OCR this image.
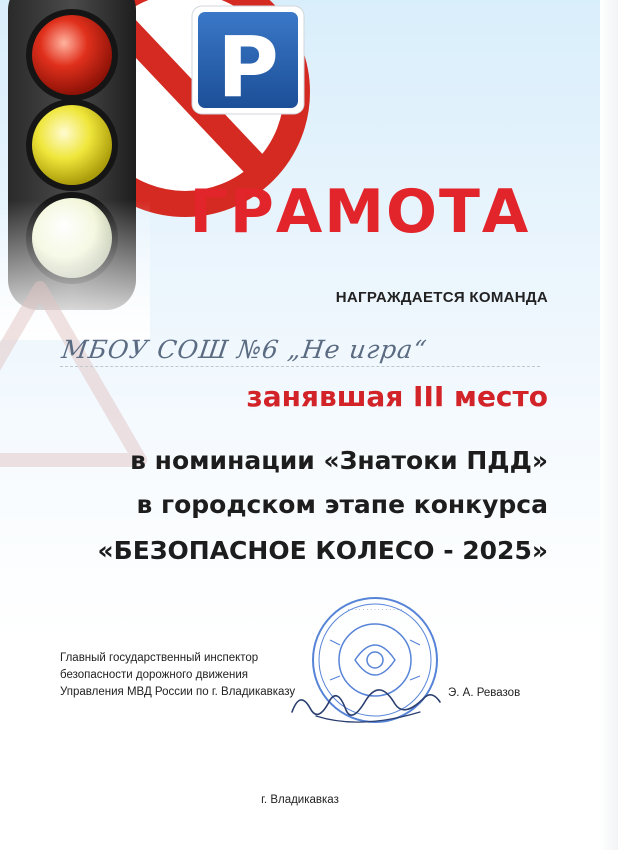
P
· · · · · · · · · · · · · · ·
ГРАМОТА
НАГРАЖДАЕТСЯ КОМАНДА
МБОУ СОШ №6 „Не игра“
занявшая III место
в номинации «Знатоки ПДД»
в городском этапе конкурса
«БЕЗОПАСНОЕ КОЛЕСО - 2025»
Главный государственный инспектор
безопасности дорожного движения
Управления МВД России по г. Владикавказу	Э. А. Ревазов
г. Владикавказ
